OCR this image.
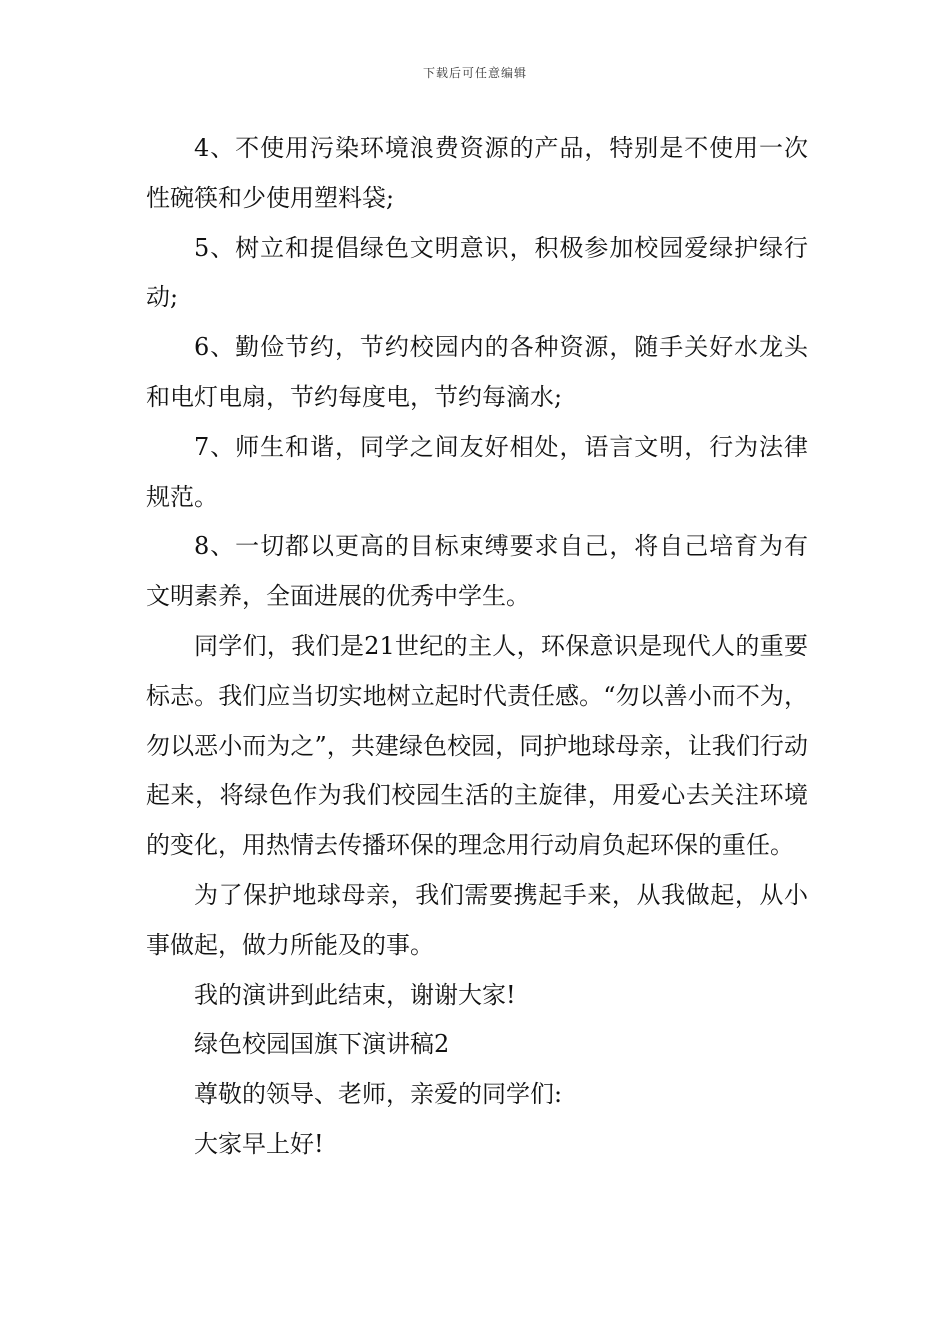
下载后可任意编辑

4、不使用污染环境浪费资源的产品，特别是不使用一次性碗筷和少使用塑料袋;

5、树立和提倡绿色文明意识，积极参加校园爱绿护绿行动;

6、勤俭节约，节约校园内的各种资源，随手关好水龙头和电灯电扇，节约每度电，节约每滴水;

7、师生和谐，同学之间友好相处，语言文明，行为法律规范。

8、一切都以更高的目标束缚要求自己，将自己培育为有文明素养，全面进展的优秀中学生。

同学们，我们是21世纪的主人，环保意识是现代人的重要标志。我们应当切实地树立起时代责任感。“勿以善小而不为，勿以恶小而为之”，共建绿色校园，同护地球母亲，让我们行动起来，将绿色作为我们校园生活的主旋律，用爱心去关注环境的变化，用热情去传播环保的理念用行动肩负起环保的重任。

为了保护地球母亲，我们需要携起手来，从我做起，从小事做起，做力所能及的事。

我的演讲到此结束，谢谢大家!

绿色校园国旗下演讲稿2

尊敬的领导、老师，亲爱的同学们:

大家早上好!
